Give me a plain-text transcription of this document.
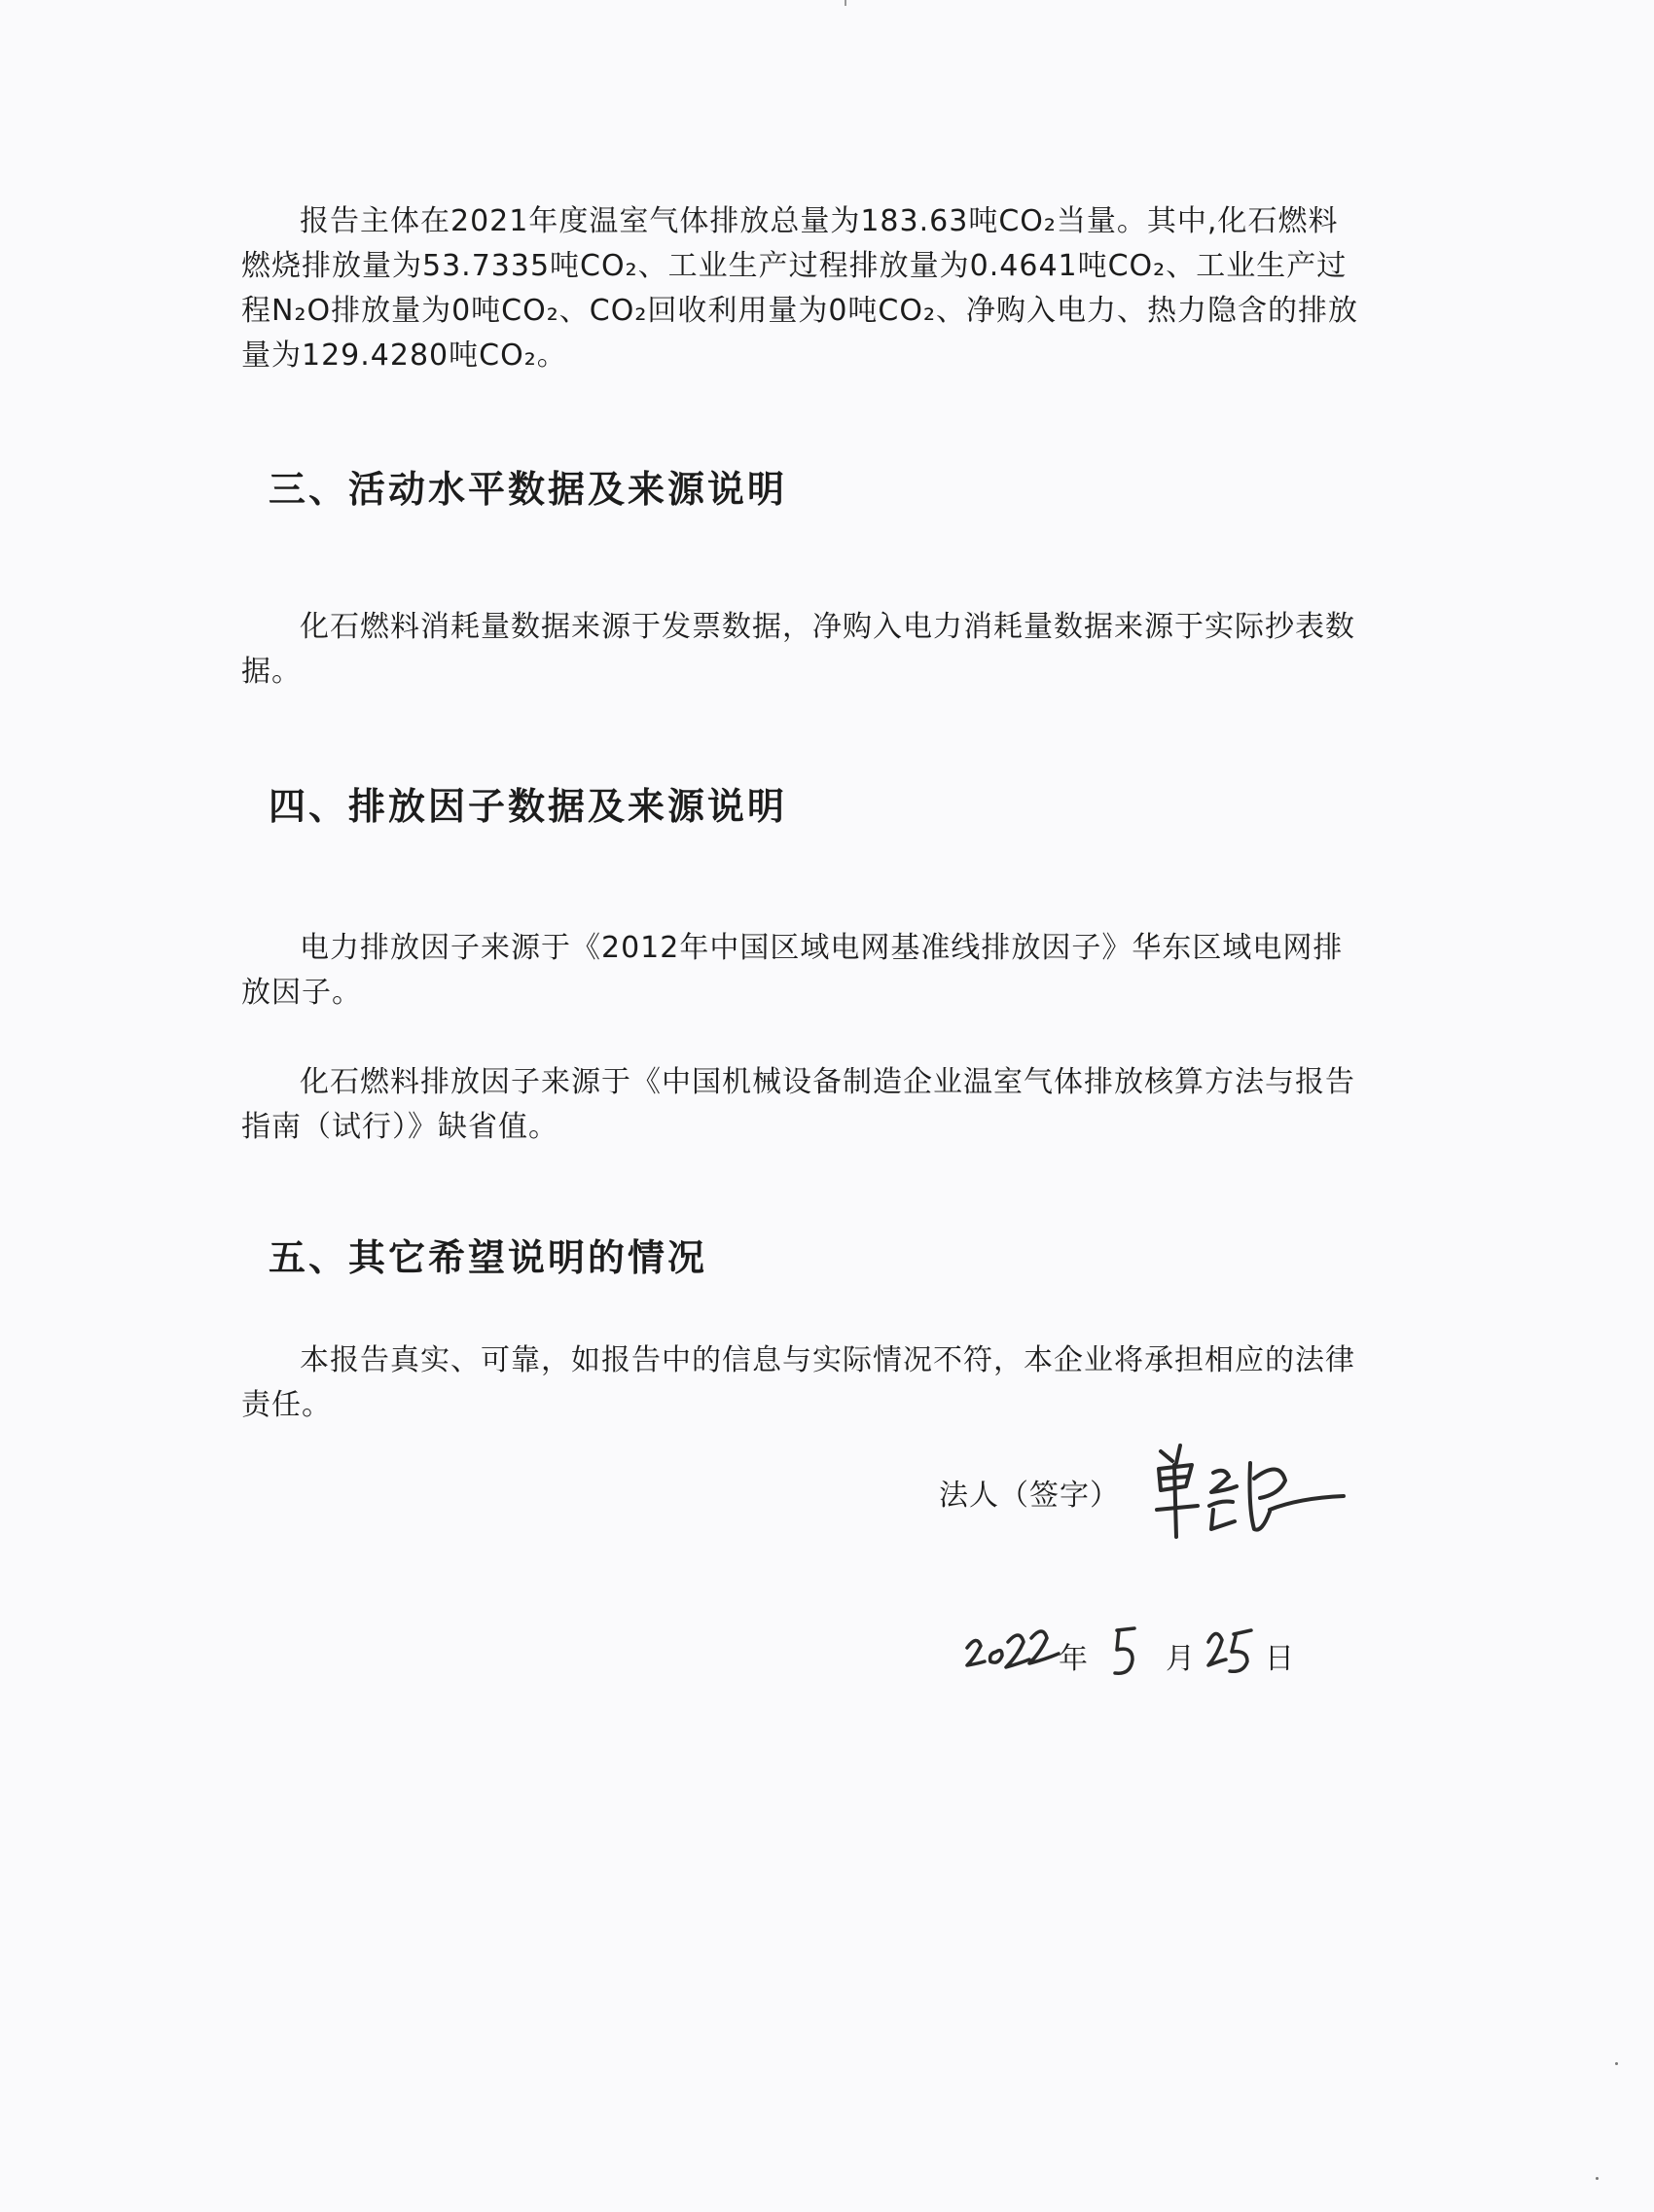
报告主体在2021年度温室气体排放总量为183.63吨CO₂当量。其中,化石燃料燃烧排放量为53.7335吨CO₂、工业生产过程排放量为0.4641吨CO₂、工业生产过程N₂O排放量为0吨CO₂、CO₂回收利用量为0吨CO₂、净购入电力、热力隐含的排放量为129.4280吨CO₂。

三、活动水平数据及来源说明

化石燃料消耗量数据来源于发票数据，净购入电力消耗量数据来源于实际抄表数据。

四、排放因子数据及来源说明

电力排放因子来源于《2012年中国区域电网基准线排放因子》华东区域电网排放因子。

化石燃料排放因子来源于《中国机械设备制造企业温室气体排放核算方法与报告指南（试行）》缺省值。

五、其它希望说明的情况

本报告真实、可靠，如报告中的信息与实际情况不符，本企业将承担相应的法律责任。

法人（签字）
年	月 日
